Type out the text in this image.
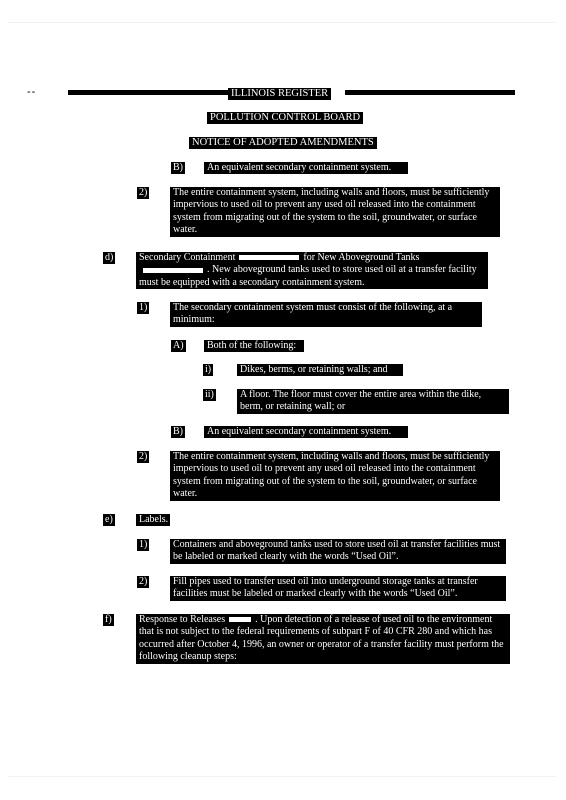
--	ILLINOIS REGISTER
POLLUTION CONTROL BOARD
NOTICE OF ADOPTED AMENDMENTS
B)	An equivalent secondary containment system.
2)	The entire containment system, including walls and floors, must be sufficiently impervious to used oil to prevent any used oil released into the containment system from migrating out of the system to the soil, groundwater, or surface water.
d)	Secondary Containment	for New Aboveground Tanks. New aboveground tanks used to store used oil at a transfer facility must be equipped with a secondary containment system.
1)	The secondary containment system must consist of the following, at a minimum:
A)	Both of the following:
i)	Dikes, berms, or retaining walls; and
ii)	A floor. The floor must cover the entire area within the dike, berm, or retaining wall; or
B)	An equivalent secondary containment system.
2)	The entire containment system, including walls and floors, must be sufficiently impervious to used oil to prevent any used oil released into the containment system from migrating out of the system to the soil, groundwater, or surface water.
e)	Labels.
1)	Containers and aboveground tanks used to store used oil at transfer facilities must be labeled or marked clearly with the words “Used Oil”.
2)	Fill pipes used to transfer used oil into underground storage tanks at transfer facilities must be labeled or marked clearly with the words “Used Oil”.
f)	Response to Releases	. Upon detection of a release of used oil to the environment that is not subject to the federal requirements of subpart F of 40 CFR 280 and which has occurred after October 4, 1996, an owner or operator of a transfer facility must perform the following cleanup steps:
